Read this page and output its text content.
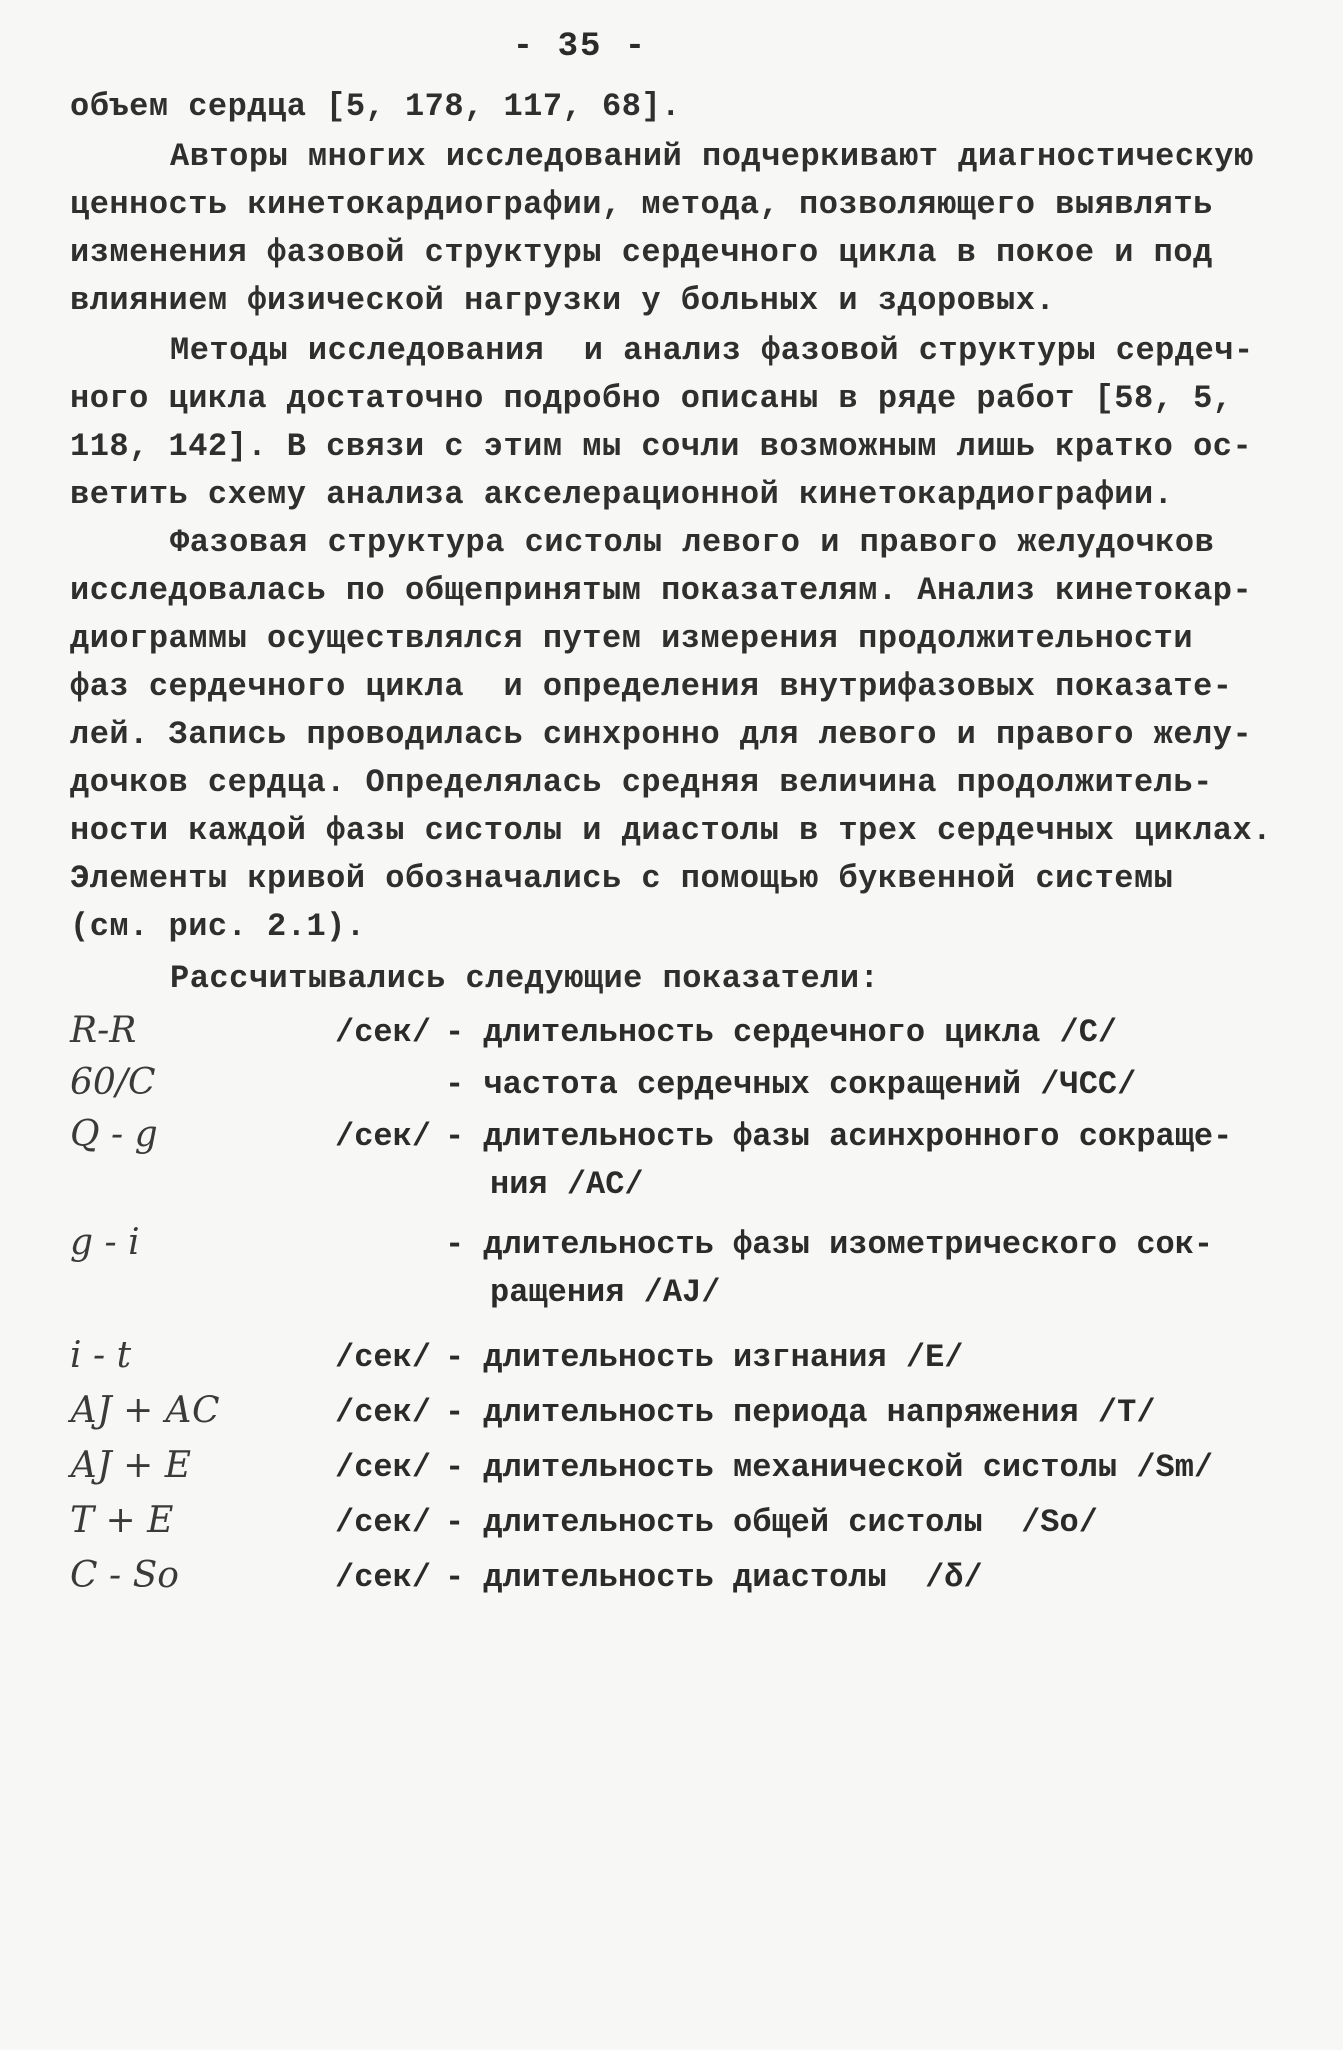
- 35 -
объем сердца [5, 178, 117, 68].
Авторы многих исследований подчеркивают диагностическую
ценность кинетокардиографии, метода, позволяющего выявлять
изменения фазовой структуры сердечного цикла в покое и под
влиянием физической нагрузки у больных и здоровых.
Методы исследования  и анализ фазовой структуры сердеч-
ного цикла достаточно подробно описаны в ряде работ [58, 5,
118, 142]. В связи с этим мы сочли возможным лишь кратко ос-
ветить схему анализа акселерационной кинетокардиографии.
Фазовая структура систолы левого и правого желудочков
исследовалась по общепринятым показателям. Анализ кинетокар-
диограммы осуществлялся путем измерения продолжительности
фаз сердечного цикла  и определения внутрифазовых показате-
лей. Запись проводилась синхронно для левого и правого желу-
дочков сердца. Определялась средняя величина продолжитель-
ности каждой фазы систолы и диастолы в трех сердечных циклах.
Элементы кривой обозначались с помощью буквенной системы
(см. рис. 2.1).
Рассчитывались следующие показатели:
R-R	/сек/ - длительность сердечного цикла /С/
60/C	- частота сердечных сокращений /ЧСС/
Q - g	/сек/ - длительность фазы асинхронного сокраще-
ния /АС/
g - i	- длительность фазы изометрического сок-
ращения /АJ/
i - t	/сек/ - длительность изгнания /Е/
АJ + АС	/сек/ - длительность периода напряжения /Т/
АJ + E	/сек/ - длительность механической систолы /Sm/
T + E	/сек/ - длительность общей систолы  /So/
C - So	/сек/ - длительность диастолы  /δ/
